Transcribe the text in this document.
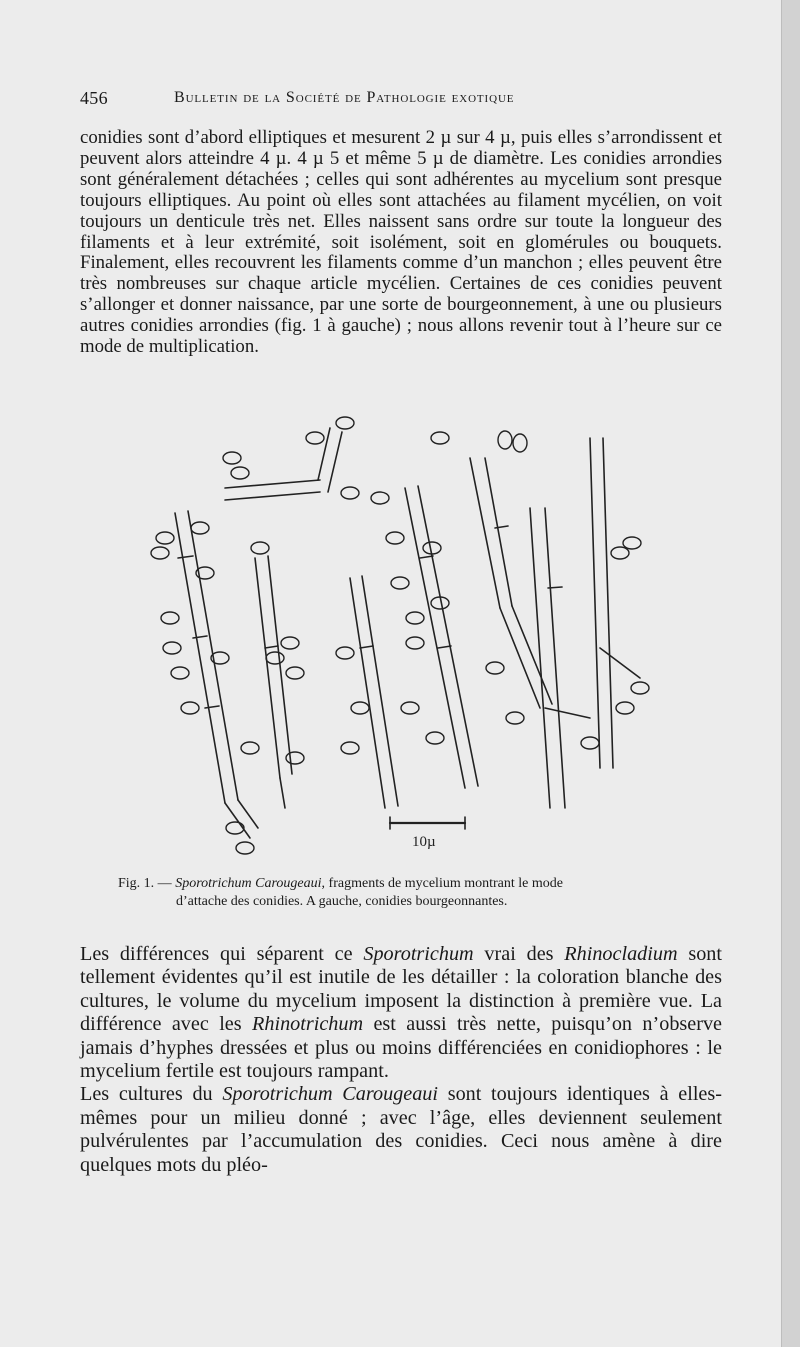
456	Bulletin de la Société de Pathologie exotique

conidies sont d’abord elliptiques et mesurent 2 µ sur 4 µ, puis elles s’arrondissent et peuvent alors atteindre 4 µ. 4 µ 5 et même 5 µ de diamètre. Les conidies arrondies sont généralement détachées ; celles qui sont adhérentes au mycelium sont presque toujours elliptiques. Au point où elles sont attachées au filament mycélien, on voit toujours un denticule très net. Elles naissent sans ordre sur toute la longueur des filaments et à leur extrémité, soit isolément, soit en glomérules ou bouquets. Finalement, elles recouvrent les filaments comme d’un manchon ; elles peuvent être très nombreuses sur chaque article mycélien. Certaines de ces conidies peuvent s’allonger et donner naissance, par une sorte de bourgeonnement, à une ou plusieurs autres conidies arrondies (fig. 1 à gauche) ; nous allons revenir tout à l’heure sur ce mode de multiplication.

10µ
Fig. 1. — Sporotrichum Carougeaui, fragments de mycelium montrant le mode
d’attache des conidies. A gauche, conidies bourgeonnantes.

Les différences qui séparent ce Sporotrichum vrai des Rhinocladium sont tellement évidentes qu’il est inutile de les détailler : la coloration blanche des cultures, le volume du mycelium imposent la distinction à première vue. La différence avec les Rhinotrichum est aussi très nette, puisqu’on n’observe jamais d’hyphes dressées et plus ou moins différenciées en conidiophores : le mycelium fertile est toujours rampant.

Les cultures du Sporotrichum Carougeaui sont toujours identiques à elles-mêmes pour un milieu donné ; avec l’âge, elles deviennent seulement pulvérulentes par l’accumulation des conidies. Ceci nous amène à dire quelques mots du pléo-
